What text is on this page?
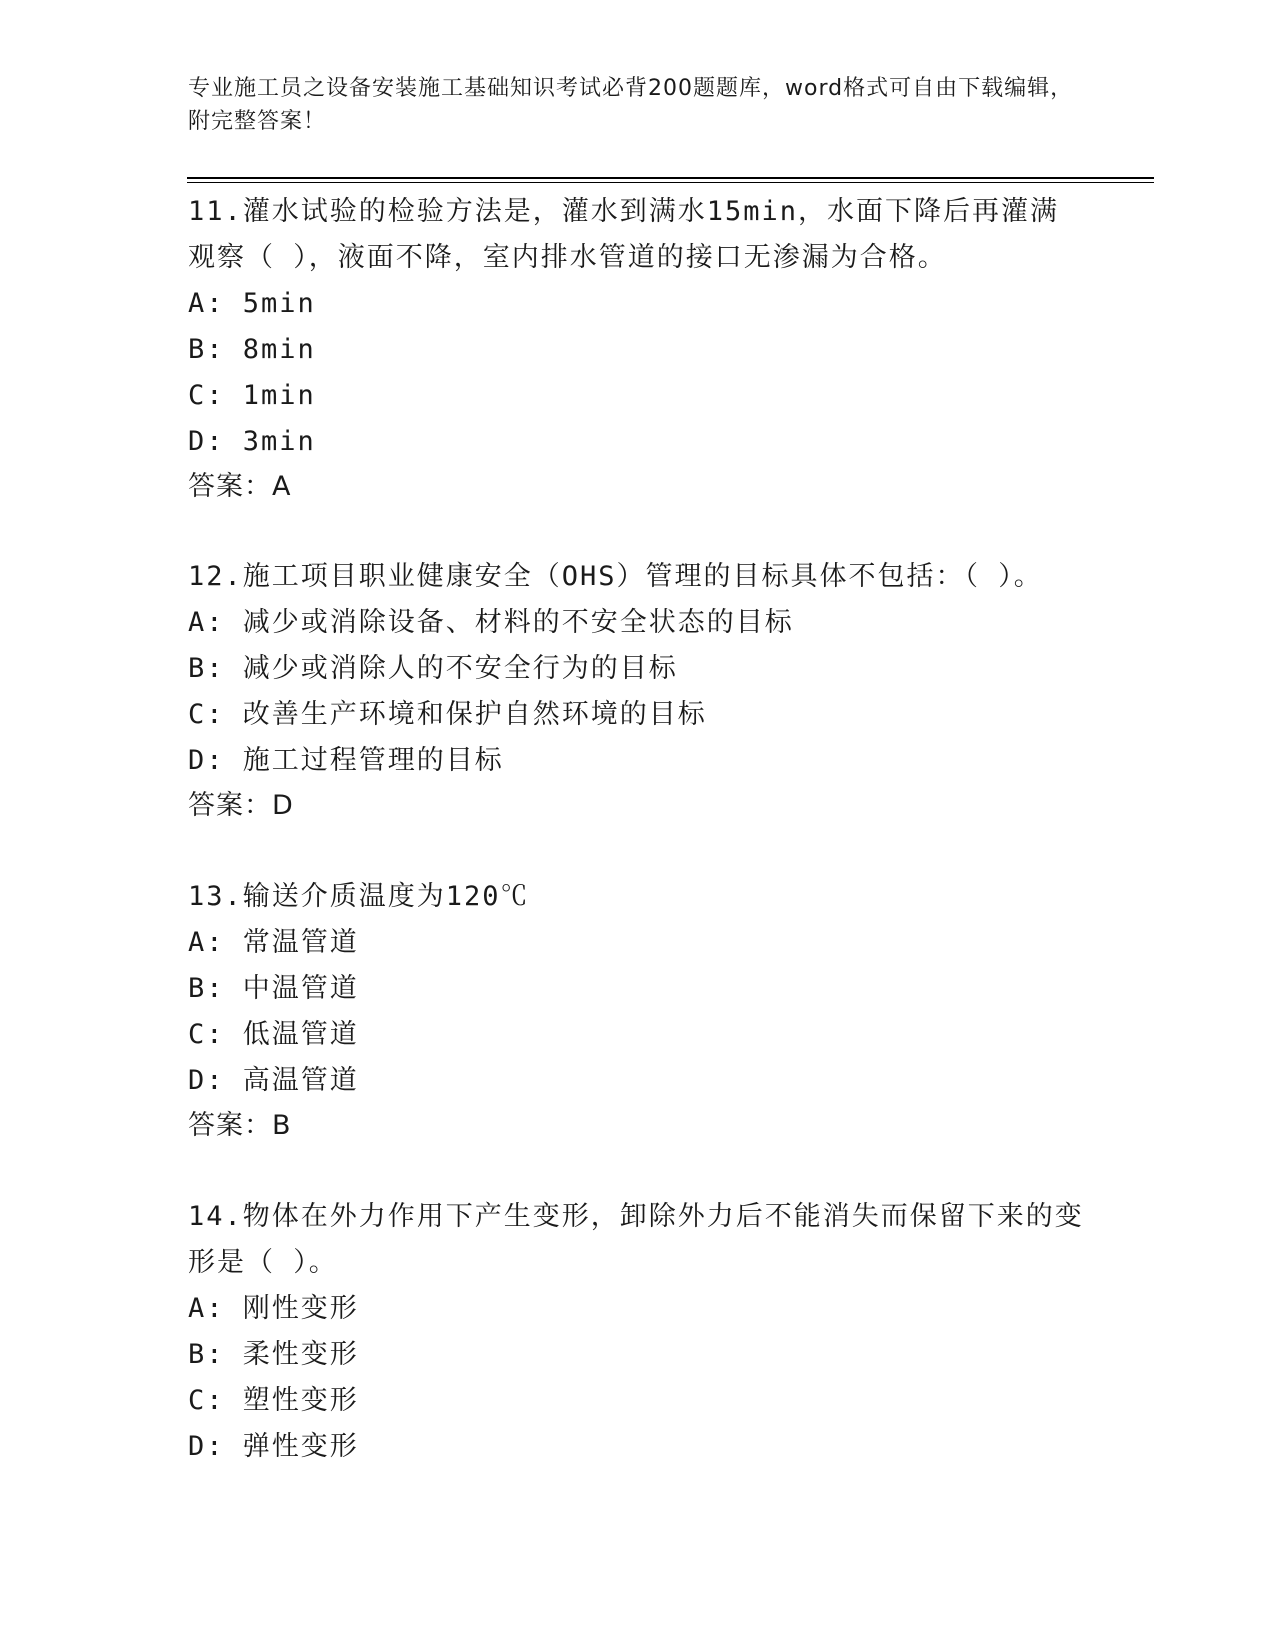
专业施工员之设备安装施工基础知识考试必背200题题库，word格式可自由下载编辑，附完整答案！

11.灌水试验的检验方法是，灌水到满水15min，水面下降后再灌满观察（ ），液面不降，室内排水管道的接口无渗漏为合格。

A: 5min

B: 8min

C: 1min

D: 3min

答案：A

12.施工项目职业健康安全（OHS）管理的目标具体不包括：（ ）。

A: 减少或消除设备、材料的不安全状态的目标

B: 减少或消除人的不安全行为的目标

C: 改善生产环境和保护自然环境的目标

D: 施工过程管理的目标

答案：D

13.输送介质温度为120℃

A: 常温管道

B: 中温管道

C: 低温管道

D: 高温管道

答案：B

14.物体在外力作用下产生变形，卸除外力后不能消失而保留下来的变形是（ ）。

A: 刚性变形

B: 柔性变形

C: 塑性变形

D: 弹性变形
